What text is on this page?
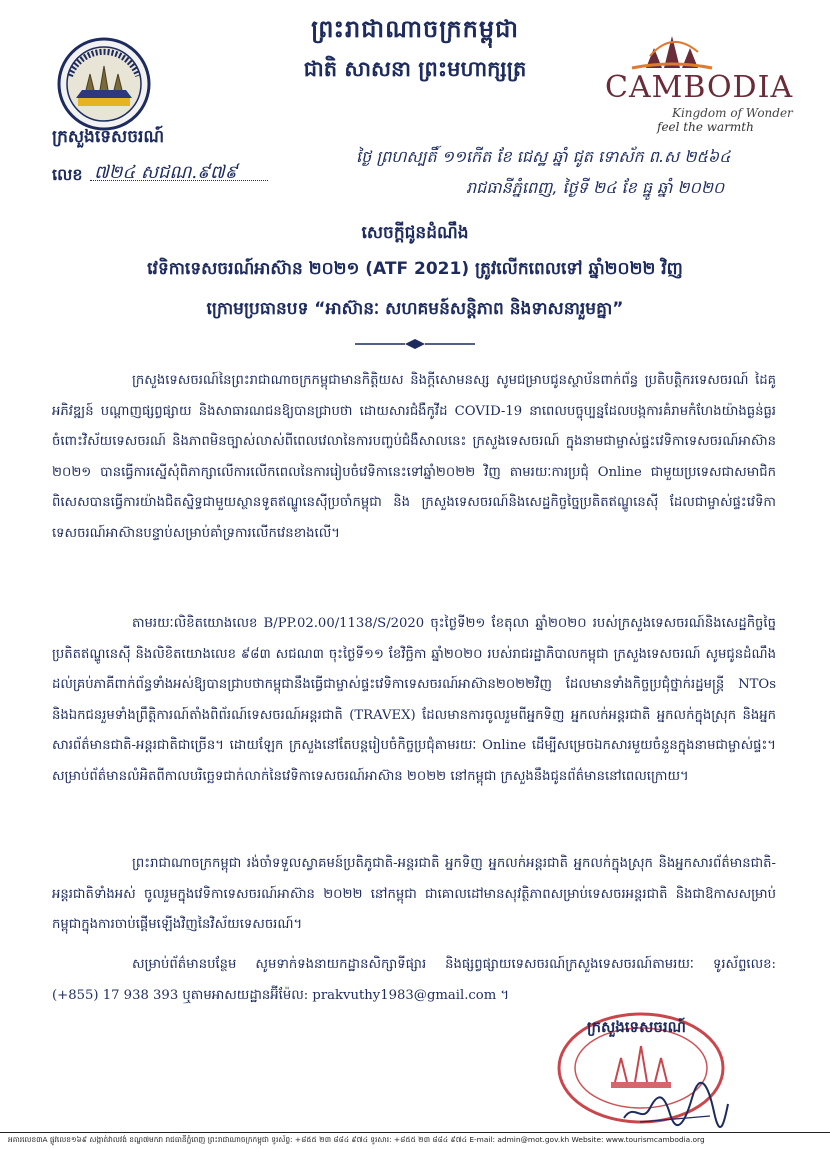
ព្រះរាជាណាចក្រកម្ពុជា
ជាតិ សាសនា ព្រះមហាក្សត្រ
CAMBODIA
Kingdom of Wonder
feel the warmth
ក្រសួងទេសចរណ៍
លេខ ៧២៤ សជណ.៩៧៩
ថ្ងៃ ព្រហស្បតិ៍ ១១កើត ខែ ជេស្ឋ ឆ្នាំ ជូត ទោស័ក ព.ស ២៥៦៤
រាជធានីភ្នំពេញ, ថ្ងៃទី ២៤ ខែ ធ្នូ ឆ្នាំ ២០២០
សេចក្តីជូនដំណឹង
វេទិកាទេសចរណ៍អាស៊ាន ២០២១ (ATF 2021) ត្រូវលើកពេលទៅ ឆ្នាំ២០២២ វិញ
ក្រោមប្រធានបទ “អាស៊ានៈ សហគមន៍សន្តិភាព និងទាសនារួមគ្នា”
ក្រសួងទេសចរណ៍នៃព្រះរាជាណាចក្រកម្ពុជាមានកិត្តិយស និងក្តីសោមនស្ស សូមជម្រាបជូនស្ថាប័នពាក់ព័ន្ធ ប្រតិបត្តិករទេសចរណ៍ ដៃគូអភិវឌ្ឍន៍ បណ្តាញផ្សព្វផ្សាយ និងសាធារណជនឱ្យបានជ្រាបថា ដោយសារជំងឺកូវីដ COVID-19 នាពេលបច្ចុប្បន្នដែលបង្កការគំរាមកំហែងយ៉ាងធ្ងន់ធ្ងរចំពោះវិស័យទេសចរណ៍ និងភាពមិនច្បាស់លាស់ពីពេលវេលានៃការបញ្ចប់ជំងឺសាលនេះ ក្រសួងទេសចរណ៍ ក្នុងនាមជាម្ចាស់ផ្ទះវេទិកាទេសចរណ៍អាស៊ាន ២០២១ បានធ្វើការស្នើសុំពិភាក្សាលើការលើកពេលនៃការរៀបចំវេទិកានេះទៅឆ្នាំ២០២២ វិញ តាមរយៈការប្រជុំ Online ជាមួយប្រទេសជាសមាជិក ពិសេសបានធ្វើការយ៉ាងជិតស្និទ្ធជាមួយស្ថានទូតឥណ្ឌូនេស៊ីប្រចាំកម្ពុជា និង ក្រសួងទេសចរណ៍និងសេដ្ឋកិច្ចច្នៃប្រតិតឥណ្ឌូនេស៊ី ដែលជាម្ចាស់ផ្ទះវេទិកាទេសចរណ៍អាស៊ានបន្ទាប់សម្រាប់គាំទ្រការលើកវេនខាងលើ។
តាមរយៈលិខិតយោងលេខ B/PP.02.00/1138/S/2020 ចុះថ្ងៃទី២១ ខែតុលា ឆ្នាំ២០២០ របស់ក្រសួងទេសចរណ៍និងសេដ្ឋកិច្ចច្នៃប្រតិតឥណ្ឌូនេស៊ី និងលិខិតយោងលេខ ៩៨៣ សជណ៣ ចុះថ្ងៃទី១១ ខែវិច្ឆិកា ឆ្នាំ២០២០ របស់រាជរដ្ឋាភិបាលកម្ពុជា ក្រសួងទេសចរណ៍ សូមជូនដំណឹងដល់គ្រប់ភាគីពាក់ព័ន្ធទាំងអស់ឱ្យបានជ្រាបថាកម្ពុជានឹងធ្វើជាម្ចាស់ផ្ទះវេទិកាទេសចរណ៍អាស៊ាន២០២២វិញ ដែលមានទាំងកិច្ចប្រជុំថ្នាក់រដ្ឋមន្ត្រី NTOs និងឯកជនរួមទាំងព្រឹត្តិការណ៍តាំងពិព័រណ៍ទេសចរណ៍អន្តរជាតិ (TRAVEX) ដែលមានការចូលរួមពីអ្នកទិញ អ្នកលក់អន្តរជាតិ អ្នកលក់ក្នុងស្រុក និងអ្នកសារព័ត៌មានជាតិ-អន្តរជាតិជាច្រើន។ ដោយឡែក ក្រសួងនៅតែបន្តរៀបចំកិច្ចប្រជុំតាមរយៈ Online ដើម្បីសម្រេចឯកសារមួយចំនួនក្នុងនាមជាម្ចាស់ផ្ទះ។ សម្រាប់ព័ត៌មានលំអិតពីកាលបរិច្ឆេទជាក់លាក់នៃវេទិកាទេសចរណ៍អាស៊ាន ២០២២ នៅកម្ពុជា ក្រសួងនឹងជូនព័ត៌មាននៅពេលក្រោយ។
ព្រះរាជាណាចក្រកម្ពុជា រង់ចាំទទួលស្វាគមន៍ប្រតិភូជាតិ-អន្តរជាតិ អ្នកទិញ អ្នកលក់អន្តរជាតិ អ្នកលក់ក្នុងស្រុក និងអ្នកសារព័ត៌មានជាតិ-អន្តរជាតិទាំងអស់ ចូលរួមក្នុងវេទិកាទេសចរណ៍អាស៊ាន ២០២២ នៅកម្ពុជា ជាគោលដៅមានសុវត្ថិភាពសម្រាប់ទេសចរអន្តរជាតិ និងជាឱកាសសម្រាប់កម្ពុជាក្នុងការចាប់ផ្តើមឡើងវិញនៃវិស័យទេសចរណ៍។
សម្រាប់ព័ត៌មានបន្ថែម សូមទាក់ទងនាយកដ្ឋានសិក្សាទីផ្សារ និងផ្សព្វផ្សាយទេសចរណ៍ក្រសួងទេសចរណ៍តាមរយៈ ទូរស័ព្ទលេខ: (+855) 17 938 393 ឬតាមអាសយដ្ឋានអ៊ីម៉ែល: prakvuthy1983@gmail.com ។
ក្រសួងទេសចរណ៍
អគារលេខ៣A ផ្លូវលេខ១៦៩ សង្កាត់វាលវង់ ខណ្ឌ៧មករា រាជធានីភ្នំពេញ ព្រះរាជាណាចក្រកម្ពុជា ទូរស័ព្ទ: +៨៥៥ ២៣ ៨៨៤ ៩៧៤ ទូរសារ: +៨៥៥ ២៣ ៨៨៤ ៩៧៤ E-mail: admin@mot.gov.kh Website: www.tourismcambodia.org
